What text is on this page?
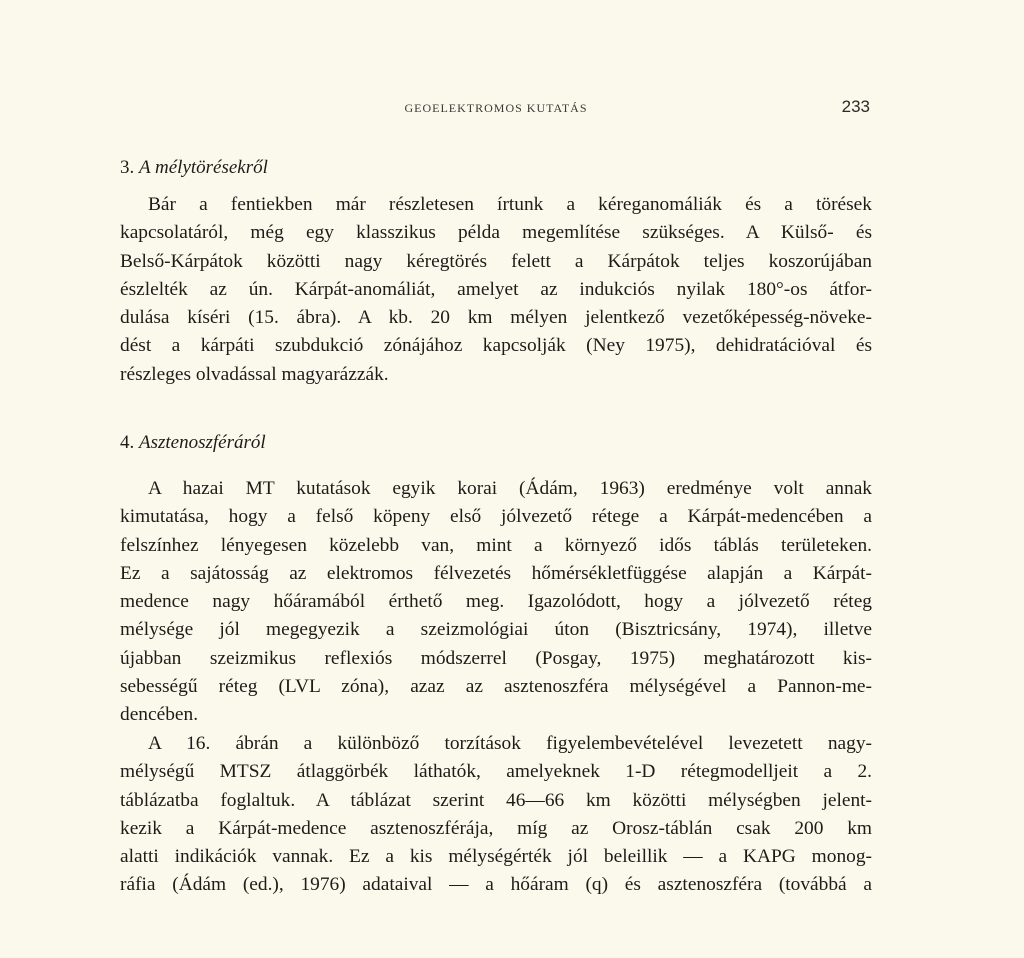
GEOELEKTROMOS KUTATÁS	233
3. A mélytörésekről
Bár a fentiekben már részletesen írtunk a kéreganomáliák és a törések
kapcsolatáról, még egy klasszikus példa megemlítése szükséges. A Külső- és
Belső-Kárpátok közötti nagy kéregtörés felett a Kárpátok teljes koszorújában
észlelték az ún. Kárpát-anomáliát, amelyet az indukciós nyilak 180°-os átfor-
dulása kíséri (15. ábra). A kb. 20 km mélyen jelentkező vezetőképesség-növeke-
dést a kárpáti szubdukció zónájához kapcsolják (Ney 1975), dehidratációval és
részleges olvadással magyarázzák.
4. Asztenoszféráról
A hazai MT kutatások egyik korai (Ádám, 1963) eredménye volt annak
kimutatása, hogy a felső köpeny első jólvezető rétege a Kárpát-medencében a
felszínhez lényegesen közelebb van, mint a környező idős táblás területeken.
Ez a sajátosság az elektromos félvezetés hőmérsékletfüggése alapján a Kárpát-
medence nagy hőáramából érthető meg. Igazolódott, hogy a jólvezető réteg
mélysége jól megegyezik a szeizmológiai úton (Bisztricsány, 1974), illetve
újabban szeizmikus reflexiós módszerrel (Posgay, 1975) meghatározott kis-
sebességű réteg (LVL zóna), azaz az asztenoszféra mélységével a Pannon-me-
dencében.
A 16. ábrán a különböző torzítások figyelembevételével levezetett nagy-
mélységű MTSZ átlaggörbék láthatók, amelyeknek 1-D rétegmodelljeit a 2.
táblázatba foglaltuk. A táblázat szerint 46—66 km közötti mélységben jelent-
kezik a Kárpát-medence asztenoszférája, míg az Orosz-táblán csak 200 km
alatti indikációk vannak. Ez a kis mélységérték jól beleillik — a KAPG monog-
ráfia (Ádám (ed.), 1976) adataival — a hőáram (q) és asztenoszféra (továbbá a
